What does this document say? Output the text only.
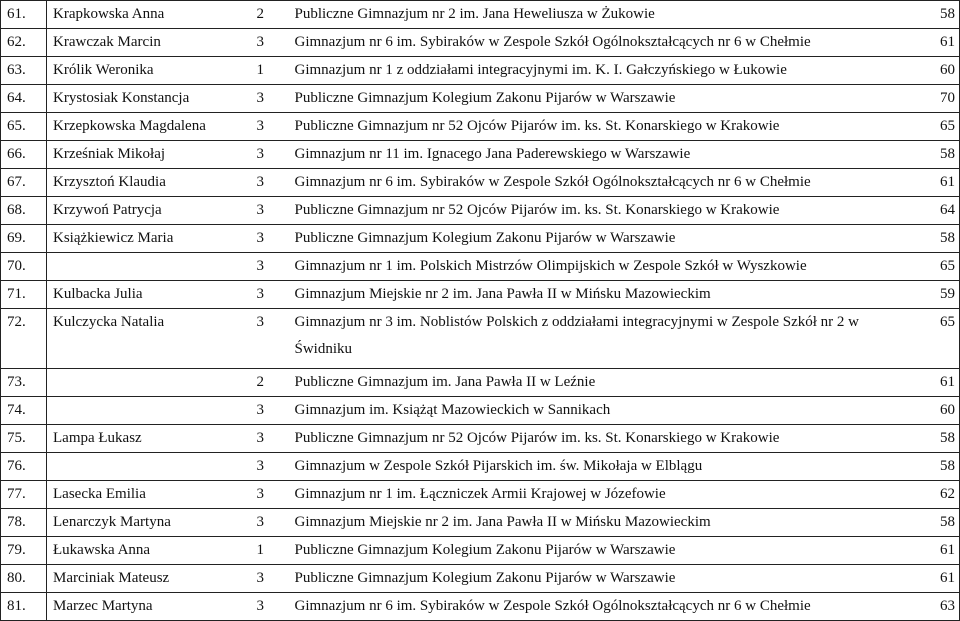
61.	Krapkowska Anna	2	Publiczne Gimnazjum nr 2 im. Jana Heweliusza w Żukowie	58
62.	Krawczak Marcin	3	Gimnazjum nr 6 im. Sybiraków w Zespole Szkół Ogólnokształcących nr 6 w Chełmie	61
63.	Królik Weronika	1	Gimnazjum nr 1 z oddziałami integracyjnymi im. K. I. Gałczyńskiego w Łukowie	60
64.	Krystosiak Konstancja	3	Publiczne Gimnazjum Kolegium Zakonu Pijarów w Warszawie	70
65.	Krzepkowska Magdalena	3	Publiczne Gimnazjum nr 52 Ojców Pijarów im. ks. St. Konarskiego w Krakowie	65
66.	Krześniak Mikołaj	3	Gimnazjum nr 11 im. Ignacego Jana Paderewskiego w Warszawie	58
67.	Krzysztoń Klaudia	3	Gimnazjum nr 6 im. Sybiraków w Zespole Szkół Ogólnokształcących nr 6 w Chełmie	61
68.	Krzywoń Patrycja	3	Publiczne Gimnazjum nr 52 Ojców Pijarów im. ks. St. Konarskiego w Krakowie	64
69.	Książkiewicz Maria	3	Publiczne Gimnazjum Kolegium Zakonu Pijarów w Warszawie	58
70.		3	Gimnazjum nr 1 im. Polskich Mistrzów Olimpijskich w Zespole Szkół w Wyszkowie	65
71.	Kulbacka Julia	3	Gimnazjum Miejskie nr 2 im. Jana Pawła II w Mińsku Mazowieckim	59
72.	Kulczycka Natalia	3	Gimnazjum nr 3 im. Noblistów Polskich z oddziałami integracyjnymi w Zespole Szkół nr 2 w Świdniku	65
73.		2	Publiczne Gimnazjum im. Jana Pawła II w Leźnie	61
74.		3	Gimnazjum im. Książąt Mazowieckich w Sannikach	60
75.	Lampa Łukasz	3	Publiczne Gimnazjum nr 52 Ojców Pijarów im. ks. St. Konarskiego w Krakowie	58
76.		3	Gimnazjum w Zespole Szkół Pijarskich im. św. Mikołaja w Elblągu	58
77.	Lasecka Emilia	3	Gimnazjum nr 1 im. Łączniczek Armii Krajowej w Józefowie	62
78.	Lenarczyk Martyna	3	Gimnazjum Miejskie nr 2 im. Jana Pawła II w Mińsku Mazowieckim	58
79.	Łukawska Anna	1	Publiczne Gimnazjum Kolegium Zakonu Pijarów w Warszawie	61
80.	Marciniak Mateusz	3	Publiczne Gimnazjum Kolegium Zakonu Pijarów w Warszawie	61
81.	Marzec Martyna	3	Gimnazjum nr 6 im. Sybiraków w Zespole Szkół Ogólnokształcących nr 6 w Chełmie	63
